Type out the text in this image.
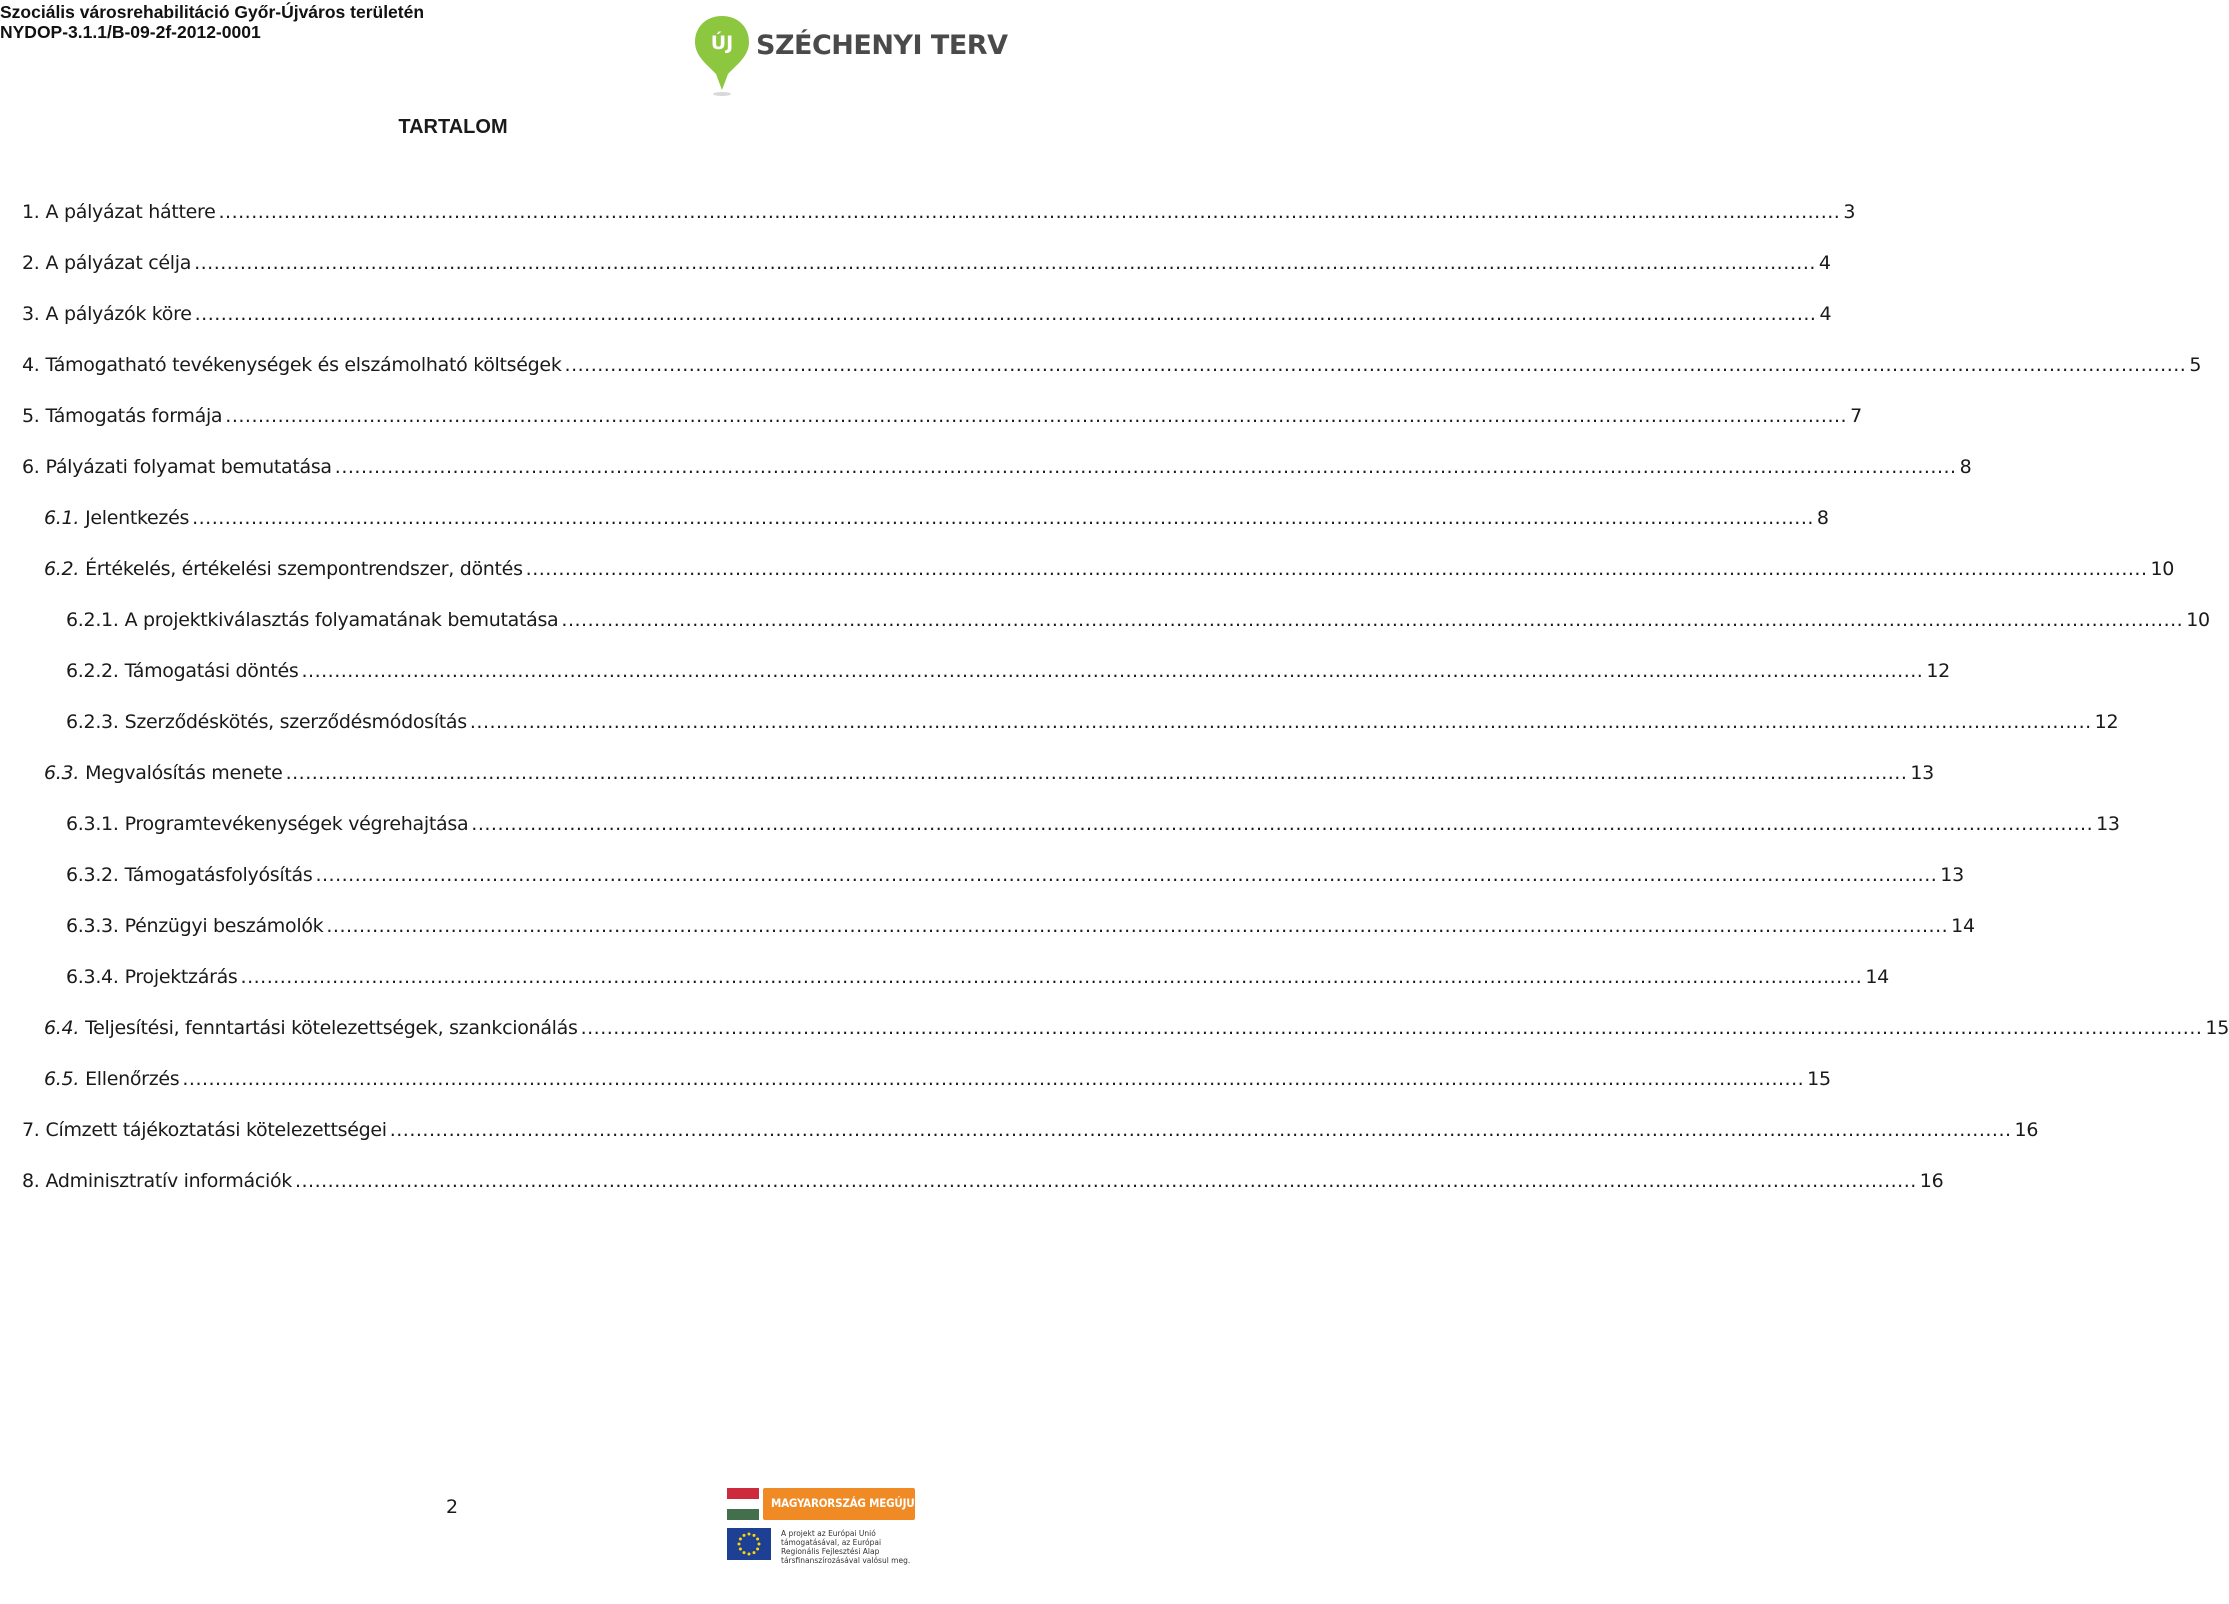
Szociális városrehabilitáció Győr-Újváros területén
NYDOP-3.1.1/B-09-2f-2012-0001	ÚJ SZÉCHENYI TERV
TARTALOM
1. A pályázat háttere .....	3
2. A pályázat célja .....	4
3. A pályázók köre .....	4
4. Támogatható tevékenységek és elszámolható költségek .....	5
5. Támogatás formája .....	7
6. Pályázati folyamat bemutatása .....	8
6.1. Jelentkezés .....	8
6.2. Értékelés, értékelési szempontrendszer, döntés .....	10
6.2.1. A projektkiválasztás folyamatának bemutatása .....	10
6.2.2. Támogatási döntés .....	12
6.2.3. Szerződéskötés, szerződésmódosítás .....	12
6.3. Megvalósítás menete .....	13
6.3.1. Programtevékenységek végrehajtása .....	13
6.3.2. Támogatásfolyósítás .....	13
6.3.3. Pénzügyi beszámolók .....	14
6.3.4. Projektzárás .....	14
6.4. Teljesítési, fenntartási kötelezettségek, szankcionálás .....	15
6.5. Ellenőrzés .....	15
7. Címzett tájékoztatási kötelezettségei .....	16
8. Adminisztratív információk .....	16
2	MAGYARORSZÁG MEGÚJUL
A projekt az Európai Unió támogatásával, az Európai Regionális Fejlesztési Alap társfinanszírozásával valósul meg.
